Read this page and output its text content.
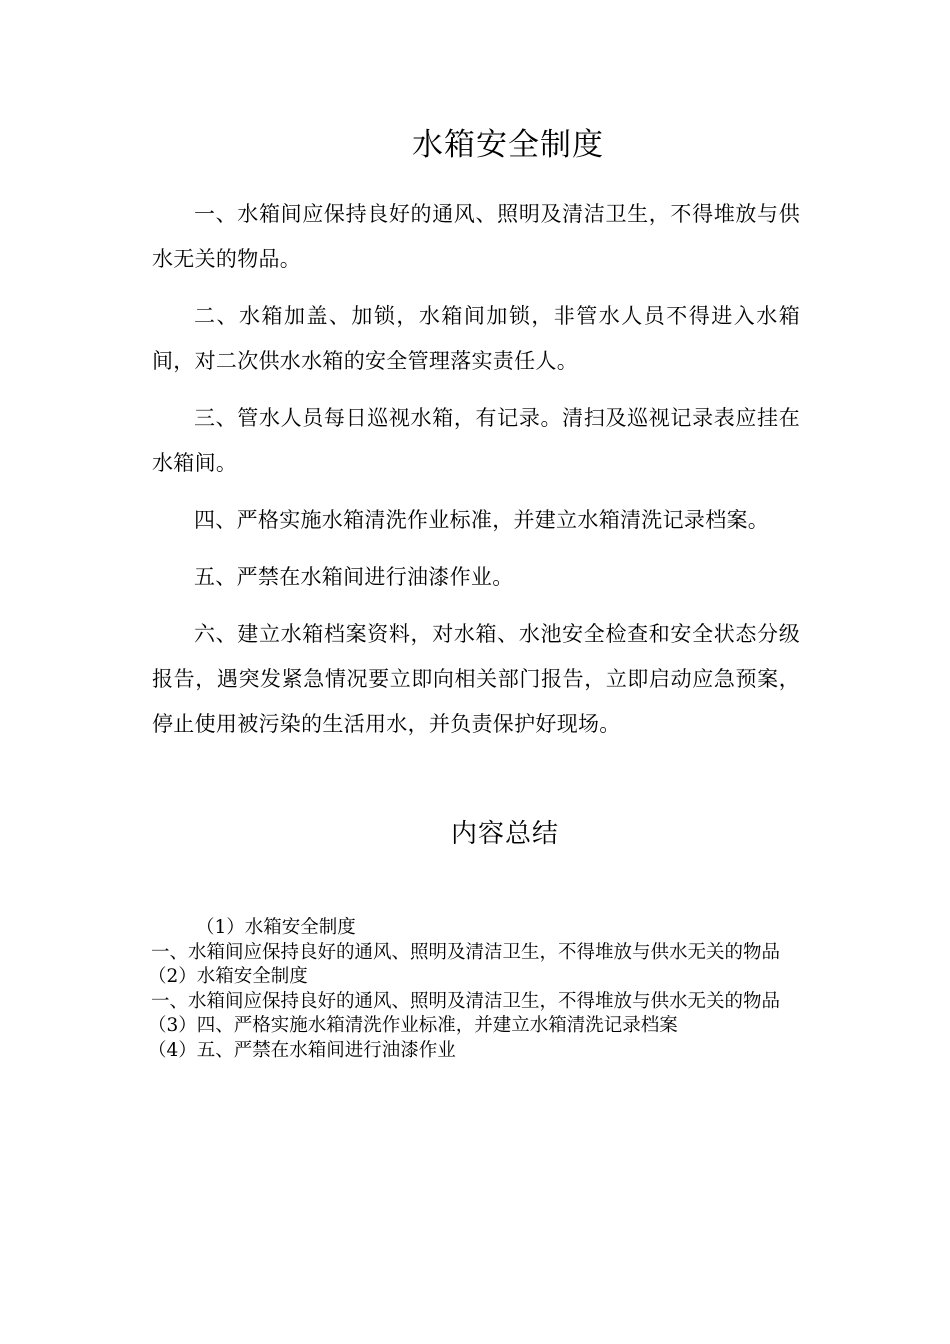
水箱安全制度

一、水箱间应保持良好的通风、照明及清洁卫生，不得堆放与供水无关的物品。

二、水箱加盖、加锁，水箱间加锁，非管水人员不得进入水箱间，对二次供水水箱的安全管理落实责任人。

三、管水人员每日巡视水箱，有记录。清扫及巡视记录表应挂在水箱间。

四、严格实施水箱清洗作业标准，并建立水箱清洗记录档案。

五、严禁在水箱间进行油漆作业。

六、建立水箱档案资料，对水箱、水池安全检查和安全状态分级报告，遇突发紧急情况要立即向相关部门报告，立即启动应急预案，停止使用被污染的生活用水，并负责保护好现场。

内容总结

（1）水箱安全制度

一、水箱间应保持良好的通风、照明及清洁卫生，不得堆放与供水无关的物品

（2）水箱安全制度

一、水箱间应保持良好的通风、照明及清洁卫生，不得堆放与供水无关的物品

（3）四、严格实施水箱清洗作业标准，并建立水箱清洗记录档案

（4）五、严禁在水箱间进行油漆作业
